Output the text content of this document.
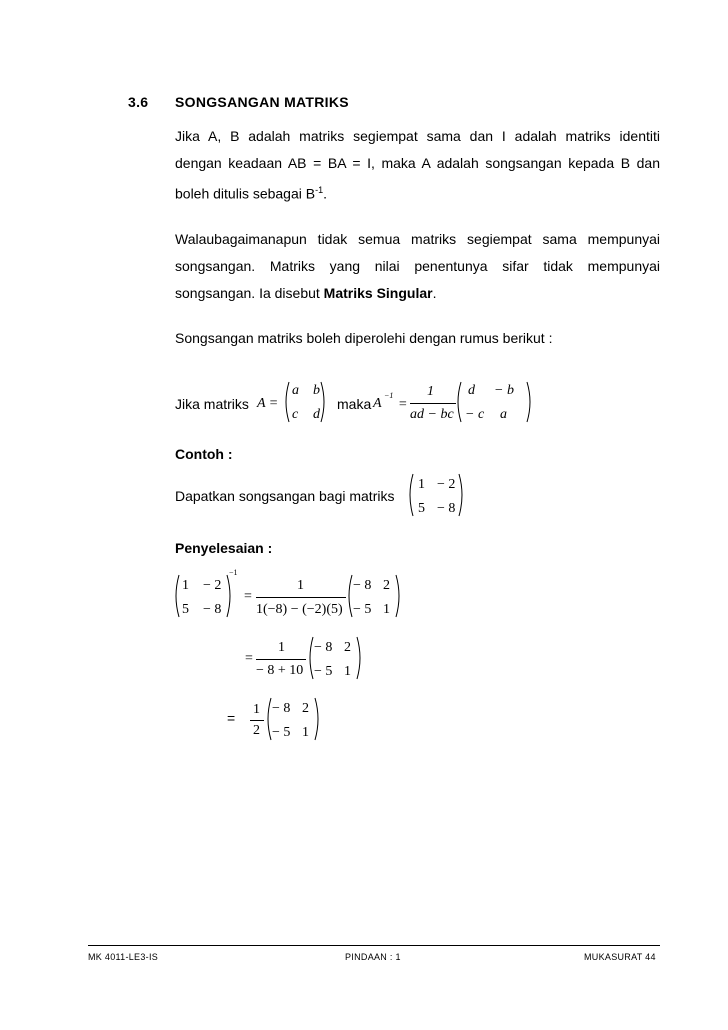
3.6 SONGSANGAN MATRIKS
Jika A, B adalah matriks segiempat sama dan I adalah matriks identiti
dengan keadaan AB = BA = I, maka A adalah songsangan kepada B dan
boleh ditulis sebagai $B^{-1}$.
Walaubagaimanapun tidak semua matriks segiempat sama mempunyai
songsangan. Matriks yang nilai penentunya sifar tidak mempunyai
songsangan. Ia disebut Matriks Singular.
Songsangan matriks boleh diperolehi dengan rumus berikut :
Jika matriks A =
a b
c d
maka A
−1
=
1
ad − bc
d − b
− c a
Contoh :
Dapatkan songsangan bagi matriks
1 − 2
5 − 8
Penyelesaian :
1 − 2
5 − 8
−1
=
1
1(−8) − (−2)(5)
− 8 2
− 5 1
=
1
− 8 + 10
− 8 2
− 5 1
=
1
2
− 8 2
− 5 1
MK 4011-LE3-IS	PINDAAN : 1	MUKASURAT 44
